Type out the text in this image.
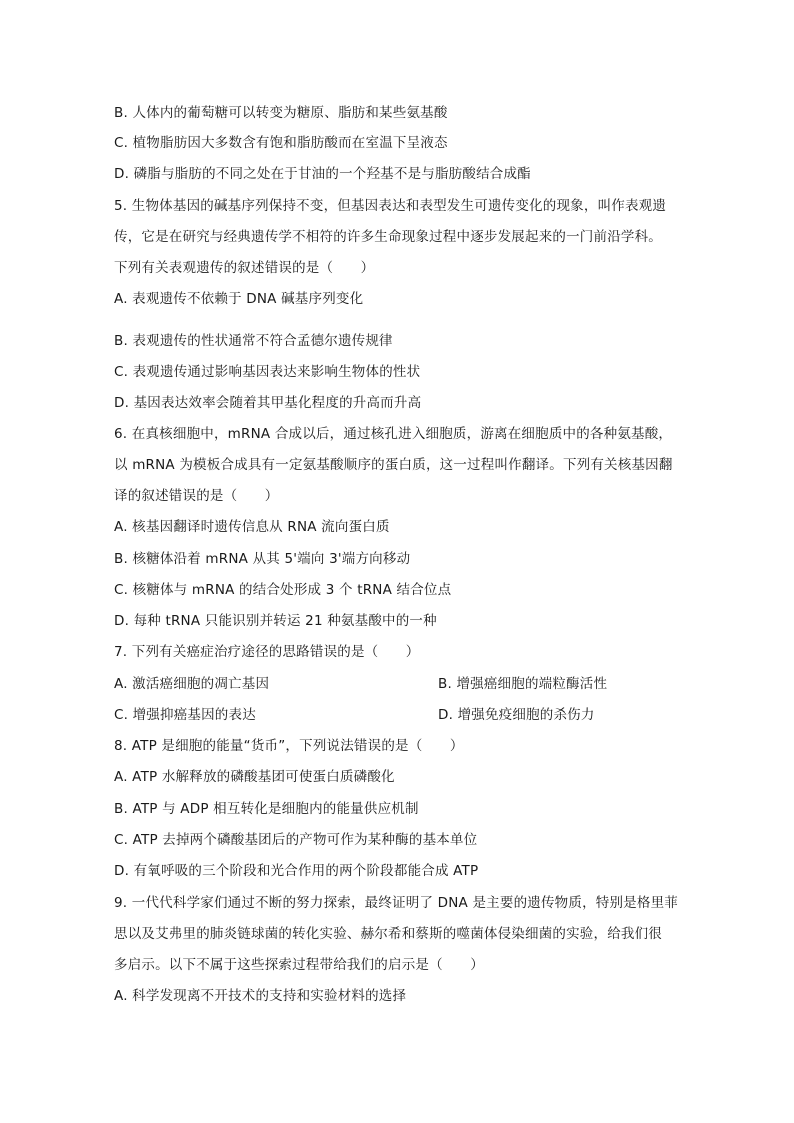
B. 人体内的葡萄糖可以转变为糖原、脂肪和某些氨基酸
C. 植物脂肪因大多数含有饱和脂肪酸而在室温下呈液态
D. 磷脂与脂肪的不同之处在于甘油的一个羟基不是与脂肪酸结合成酯
5. 生物体基因的碱基序列保持不变，但基因表达和表型发生可遗传变化的现象，叫作表观遗
传，它是在研究与经典遗传学不相符的许多生命现象过程中逐步发展起来的一门前沿学科。
下列有关表观遗传的叙述错误的是（　　）
A. 表观遗传不依赖于 DNA 碱基序列变化
B. 表观遗传的性状通常不符合孟德尔遗传规律
C. 表观遗传通过影响基因表达来影响生物体的性状
D. 基因表达效率会随着其甲基化程度的升高而升高
6. 在真核细胞中，mRNA 合成以后，通过核孔进入细胞质，游离在细胞质中的各种氨基酸，
以 mRNA 为模板合成具有一定氨基酸顺序的蛋白质，这一过程叫作翻译。下列有关核基因翻
译的叙述错误的是（　　）
A. 核基因翻译时遗传信息从 RNA 流向蛋白质
B. 核糖体沿着 mRNA 从其 5'端向 3'端方向移动
C. 核糖体与 mRNA 的结合处形成 3 个 tRNA 结合位点
D. 每种 tRNA 只能识别并转运 21 种氨基酸中的一种
7. 下列有关癌症治疗途径的思路错误的是（　　）
A. 激活癌细胞的凋亡基因	B. 增强癌细胞的端粒酶活性
C. 增强抑癌基因的表达	D. 增强免疫细胞的杀伤力
8. ATP 是细胞的能量“货币”，下列说法错误的是（　　）
A. ATP 水解释放的磷酸基团可使蛋白质磷酸化
B. ATP 与 ADP 相互转化是细胞内的能量供应机制
C. ATP 去掉两个磷酸基团后的产物可作为某种酶的基本单位
D. 有氧呼吸的三个阶段和光合作用的两个阶段都能合成 ATP
9. 一代代科学家们通过不断的努力探索，最终证明了 DNA 是主要的遗传物质，特别是格里菲
思以及艾弗里的肺炎链球菌的转化实验、赫尔希和蔡斯的噬菌体侵染细菌的实验，给我们很
多启示。以下不属于这些探索过程带给我们的启示是（　　）
A. 科学发现离不开技术的支持和实验材料的选择
